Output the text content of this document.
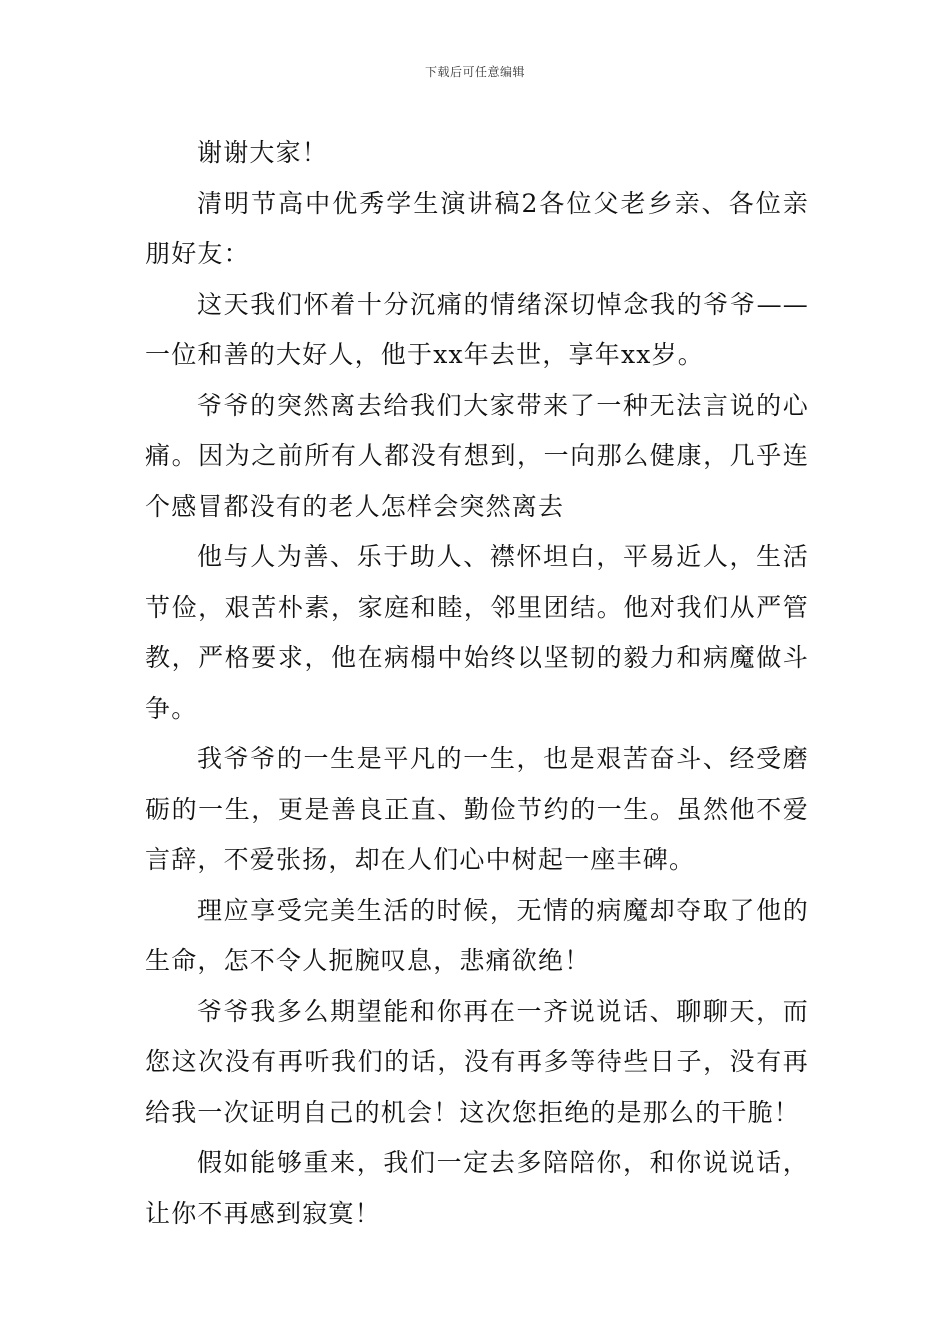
下载后可任意编辑

谢谢大家！

清明节高中优秀学生演讲稿2各位父老乡亲、各位亲朋好友：

这天我们怀着十分沉痛的情绪深切悼念我的爷爷——一位和善的大好人，他于xx年去世，享年xx岁。

爷爷的突然离去给我们大家带来了一种无法言说的心痛。因为之前所有人都没有想到，一向那么健康，几乎连个感冒都没有的老人怎样会突然离去

他与人为善、乐于助人、襟怀坦白，平易近人，生活节俭，艰苦朴素，家庭和睦，邻里团结。他对我们从严管教，严格要求，他在病榻中始终以坚韧的毅力和病魔做斗争。

我爷爷的一生是平凡的一生，也是艰苦奋斗、经受磨砺的一生，更是善良正直、勤俭节约的一生。虽然他不爱言辞，不爱张扬，却在人们心中树起一座丰碑。

理应享受完美生活的时候，无情的病魔却夺取了他的生命，怎不令人扼腕叹息，悲痛欲绝！

爷爷我多么期望能和你再在一齐说说话、聊聊天，而您这次没有再听我们的话，没有再多等待些日子，没有再给我一次证明自己的机会！这次您拒绝的是那么的干脆！

假如能够重来，我们一定去多陪陪你，和你说说话，让你不再感到寂寞！
